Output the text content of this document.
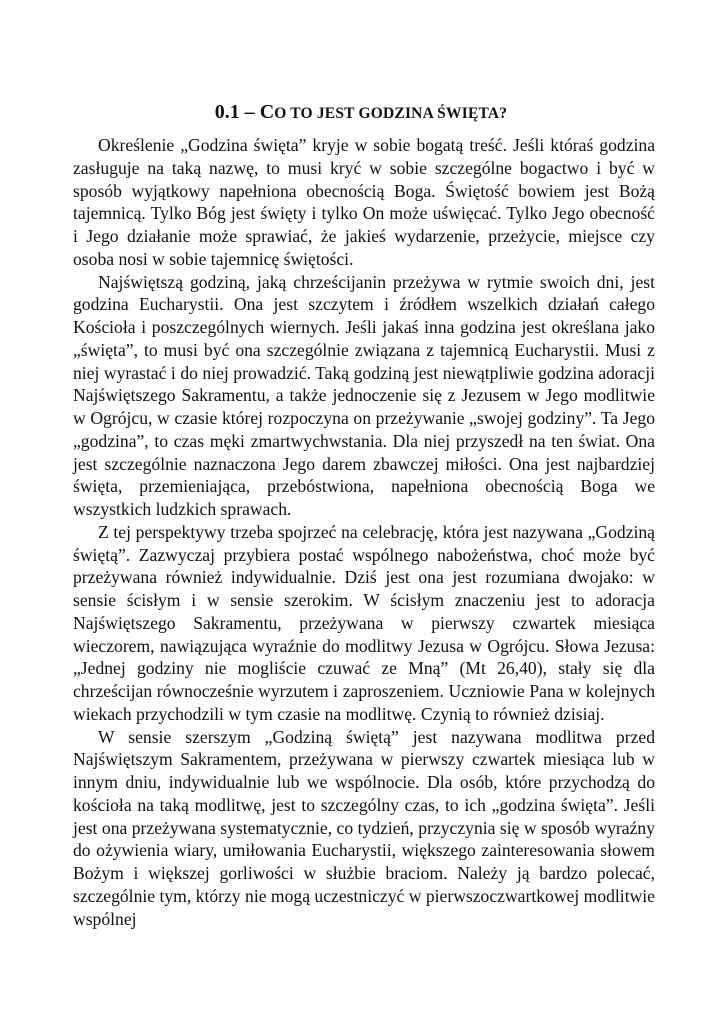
0.1 – CO TO JEST GODZINA ŚWIĘTA?

Określenie „Godzina święta” kryje w sobie bogatą treść. Jeśli któraś godzina zasługuje na taką nazwę, to musi kryć w sobie szczególne bogactwo i być w sposób wyjątkowy napełniona obecnością Boga. Świętość bowiem jest Bożą tajemnicą. Tylko Bóg jest święty i tylko On może uświęcać. Tylko Jego obecność i Jego działanie może sprawiać, że jakieś wydarzenie, przeżycie, miejsce czy osoba nosi w sobie tajemnicę świętości.

Najświętszą godziną, jaką chrześcijanin przeżywa w rytmie swoich dni, jest godzina Eucharystii. Ona jest szczytem i źródłem wszelkich działań całego Kościoła i poszczególnych wiernych. Jeśli jakaś inna godzina jest określana jako „święta”, to musi być ona szczególnie związana z tajemnicą Eucharystii. Musi z niej wyrastać i do niej prowadzić. Taką godziną jest niewątpliwie godzina adoracji Najświętszego Sakramentu, a także jednoczenie się z Jezusem w Jego modlitwie w Ogrójcu, w czasie której rozpoczyna on przeżywanie „swojej godziny”. Ta Jego „godzina”, to czas męki zmartwychwstania. Dla niej przyszedł na ten świat. Ona jest szczególnie naznaczona Jego darem zbawczej miłości. Ona jest najbardziej święta, przemieniająca, przebóstwiona, napełniona obecnością Boga we wszystkich ludzkich sprawach.

Z tej perspektywy trzeba spojrzeć na celebrację, która jest nazywana „Godziną świętą”. Zazwyczaj przybiera postać wspólnego nabożeństwa, choć może być przeżywana również indywidualnie. Dziś jest ona jest rozumiana dwojako: w sensie ścisłym i w sensie szerokim. W ścisłym znaczeniu jest to adoracja Najświętszego Sakramentu, przeżywana w pierwszy czwartek miesiąca wieczorem, nawiązująca wyraźnie do modlitwy Jezusa w Ogrójcu. Słowa Jezusa: „Jednej godziny nie mogliście czuwać ze Mną” (Mt 26,40), stały się dla chrześcijan równocześnie wyrzutem i zaproszeniem. Uczniowie Pana w kolejnych wiekach przychodzili w tym czasie na modlitwę. Czynią to również dzisiaj.

W sensie szerszym „Godziną świętą” jest nazywana modlitwa przed Najświętszym Sakramentem, przeżywana w pierwszy czwartek miesiąca lub w innym dniu, indywidualnie lub we wspólnocie. Dla osób, które przychodzą do kościoła na taką modlitwę, jest to szczególny czas, to ich „godzina święta”. Jeśli jest ona przeżywana systematycznie, co tydzień, przyczynia się w sposób wyraźny do ożywienia wiary, umiłowania Eucharystii, większego zainteresowania słowem Bożym i większej gorliwości w służbie braciom. Należy ją bardzo polecać, szczególnie tym, którzy nie mogą uczestniczyć w pierwszoczwartkowej modlitwie wspólnej
